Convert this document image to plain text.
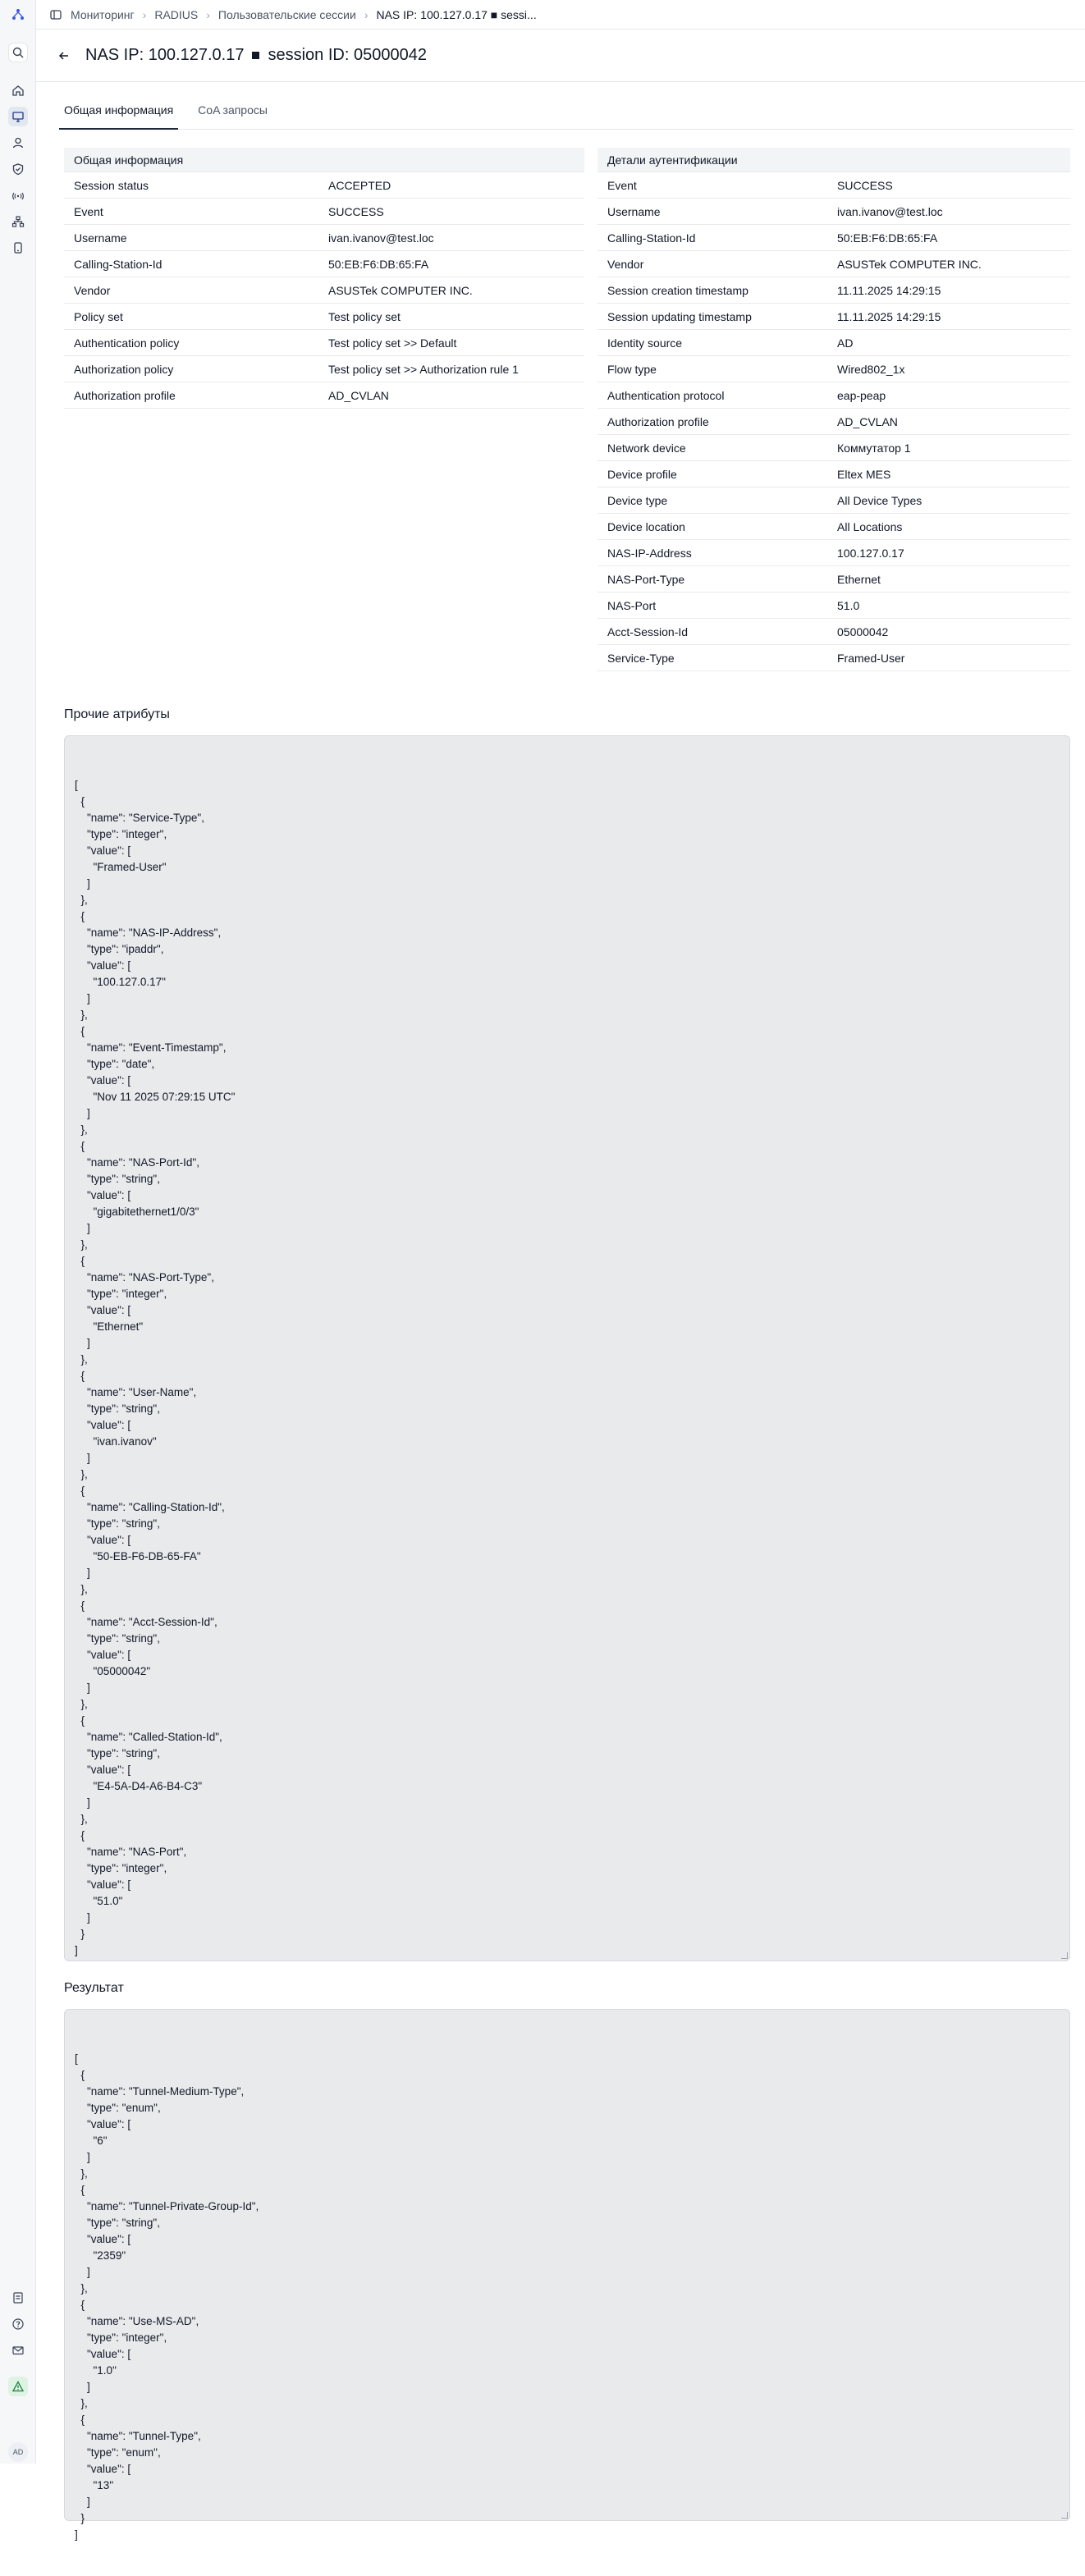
AD
Мониторинг › RADIUS › Пользовательские сессии › NAS IP: 100.127.0.17 ■ sessi...
NAS IP: 100.127.0.17 session ID: 05000042
Общая информация	CoA запросы
Общая информация
Session status	ACCEPTED
Event	SUCCESS
Username	ivan.ivanov@test.loc
Calling-Station-Id	50:EB:F6:DB:65:FA
Vendor	ASUSTek COMPUTER INC.
Policy set	Test policy set
Authentication policy	Test policy set >> Default
Authorization policy	Test policy set >> Authorization rule 1
Authorization profile	AD_CVLAN
Детали аутентификации
Event	SUCCESS
Username	ivan.ivanov@test.loc
Calling-Station-Id	50:EB:F6:DB:65:FA
Vendor	ASUSTek COMPUTER INC.
Session creation timestamp	11.11.2025 14:29:15
Session updating timestamp	11.11.2025 14:29:15
Identity source	AD
Flow type	Wired802_1x
Authentication protocol	eap-peap
Authorization profile	AD_CVLAN
Network device	Коммутатор 1
Device profile	Eltex MES
Device type	All Device Types
Device location	All Locations
NAS-IP-Address	100.127.0.17
NAS-Port-Type	Ethernet
NAS-Port	51.0
Acct-Session-Id	05000042
Service-Type	Framed-User
Прочие атрибуты

[
{
"name": "Service-Type",
"type": "integer",
"value": [
"Framed-User"
]
},
{
"name": "NAS-IP-Address",
"type": "ipaddr",
"value": [
"100.127.0.17"
]
},
{
"name": "Event-Timestamp",
"type": "date",
"value": [
"Nov 11 2025 07:29:15 UTC"
]
},
{
"name": "NAS-Port-Id",
"type": "string",
"value": [
"gigabitethernet1/0/3"
]
},
{
"name": "NAS-Port-Type",
"type": "integer",
"value": [
"Ethernet"
]
},
{
"name": "User-Name",
"type": "string",
"value": [
"ivan.ivanov"
]
},
{
"name": "Calling-Station-Id",
"type": "string",
"value": [
"50-EB-F6-DB-65-FA"
]
},
{
"name": "Acct-Session-Id",
"type": "string",
"value": [
"05000042"
]
},
{
"name": "Called-Station-Id",
"type": "string",
"value": [
"E4-5A-D4-A6-B4-C3"
]
},
{
"name": "NAS-Port",
"type": "integer",
"value": [
"51.0"
]
}
]

Результат

[
{
"name": "Tunnel-Medium-Type",
"type": "enum",
"value": [
"6"
]
},
{
"name": "Tunnel-Private-Group-Id",
"type": "string",
"value": [
"2359"
]
},
{
"name": "Use-MS-AD",
"type": "integer",
"value": [
"1.0"
]
},
{
"name": "Tunnel-Type",
"type": "enum",
"value": [
"13"
]
}
]
